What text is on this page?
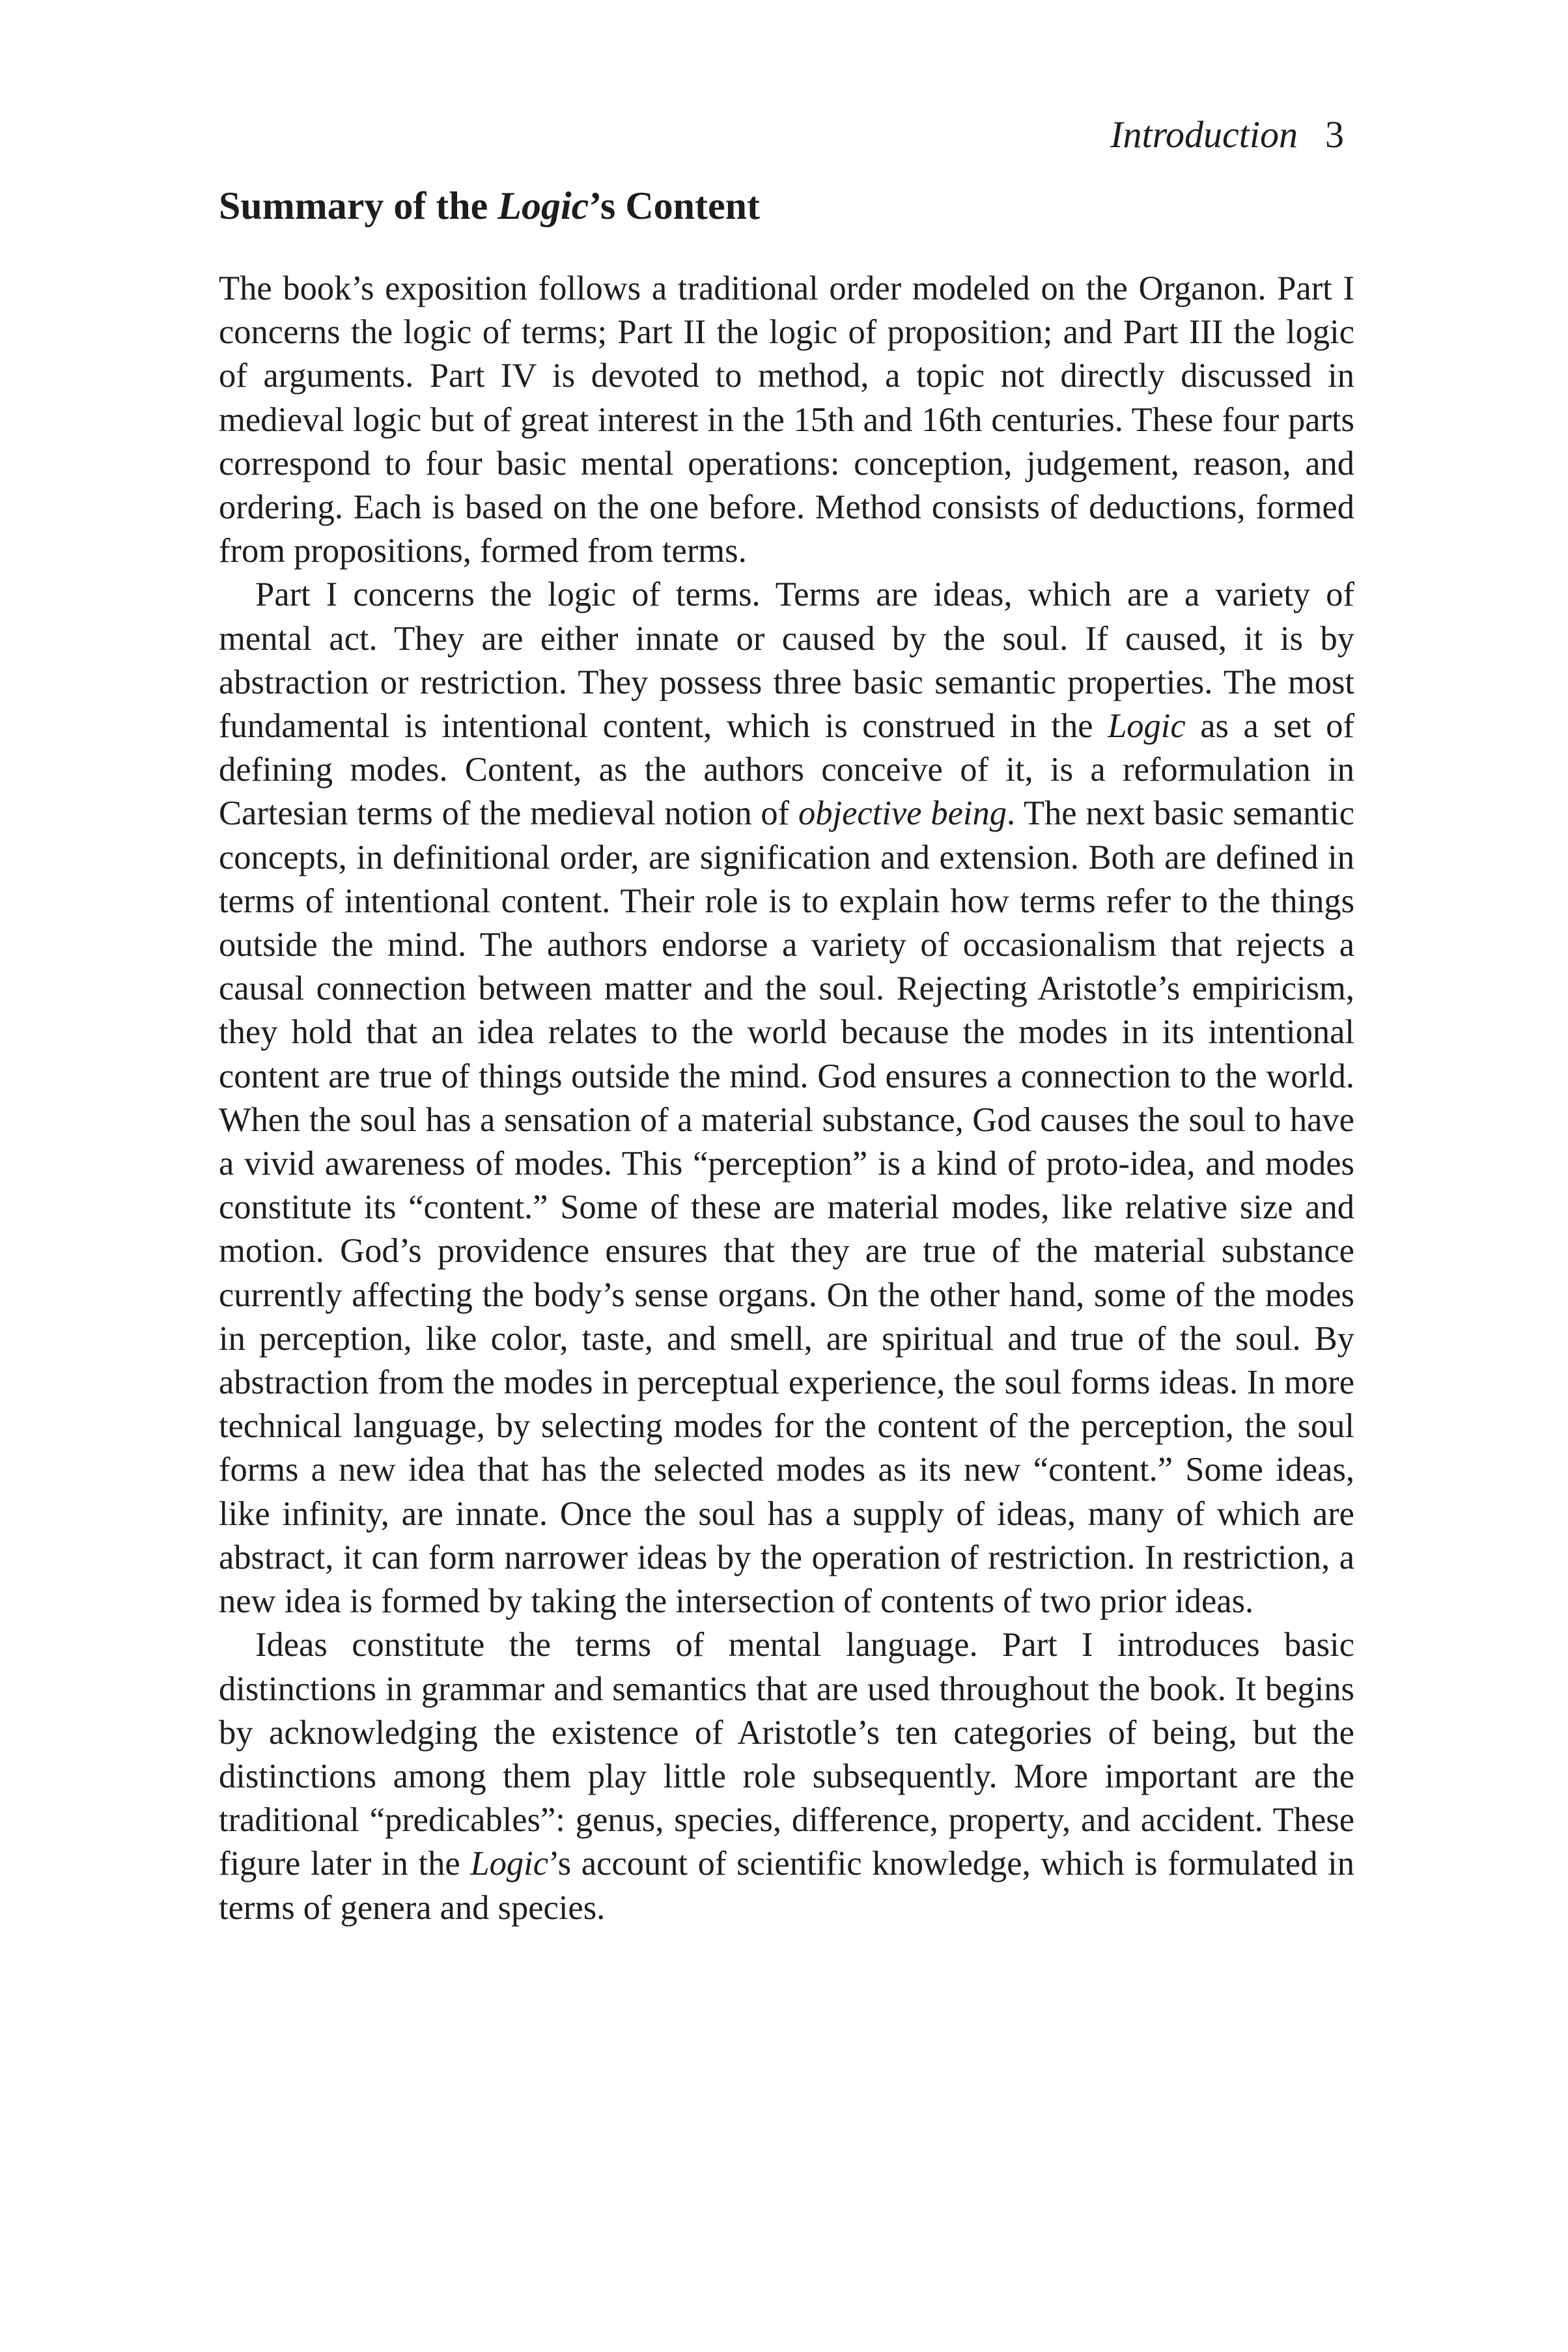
Introduction 3
Summary of the Logic’s Content

The book’s exposition follows a traditional order modeled on the Organon. Part I concerns the logic of terms; Part II the logic of proposition; and Part III the logic of arguments. Part IV is devoted to method, a topic not directly discussed in medieval logic but of great interest in the 15th and 16th centuries. These four parts correspond to four basic mental operations: conception, judgement, reason, and ordering. Each is based on the one before. Method consists of deductions, formed from propositions, formed from terms.

Part I concerns the logic of terms. Terms are ideas, which are a variety of mental act. They are either innate or caused by the soul. If caused, it is by abstraction or restriction. They possess three basic semantic properties. The most fundamental is intentional content, which is construed in the Logic as a set of defining modes. Content, as the authors conceive of it, is a reformulation in Cartesian terms of the medieval notion of objective being. The next basic semantic concepts, in definitional order, are signification and extension. Both are defined in terms of intentional content. Their role is to explain how terms refer to the things outside the mind. The authors endorse a variety of occasionalism that rejects a causal connection between matter and the soul. Rejecting Aristotle’s empiricism, they hold that an idea relates to the world because the modes in its intentional content are true of things outside the mind. God ensures a connection to the world. When the soul has a sensation of a material substance, God causes the soul to have a vivid awareness of modes. This “perception” is a kind of proto-idea, and modes constitute its “content.” Some of these are material modes, like relative size and motion. God’s providence ensures that they are true of the material substance currently affecting the body’s sense organs. On the other hand, some of the modes in perception, like color, taste, and smell, are spiritual and true of the soul. By abstraction from the modes in perceptual experience, the soul forms ideas. In more technical language, by selecting modes for the content of the perception, the soul forms a new idea that has the selected modes as its new “content.” Some ideas, like infinity, are innate. Once the soul has a supply of ideas, many of which are abstract, it can form narrower ideas by the operation of restriction. In restriction, a new idea is formed by taking the intersection of contents of two prior ideas.

Ideas constitute the terms of mental language. Part I introduces basic distinctions in grammar and semantics that are used throughout the book. It begins by acknowledging the existence of Aristotle’s ten categories of being, but the distinctions among them play little role subsequently. More important are the traditional “predicables”: genus, species, difference, property, and accident. These figure later in the Logic’s account of scientific knowledge, which is formulated in terms of genera and species.
